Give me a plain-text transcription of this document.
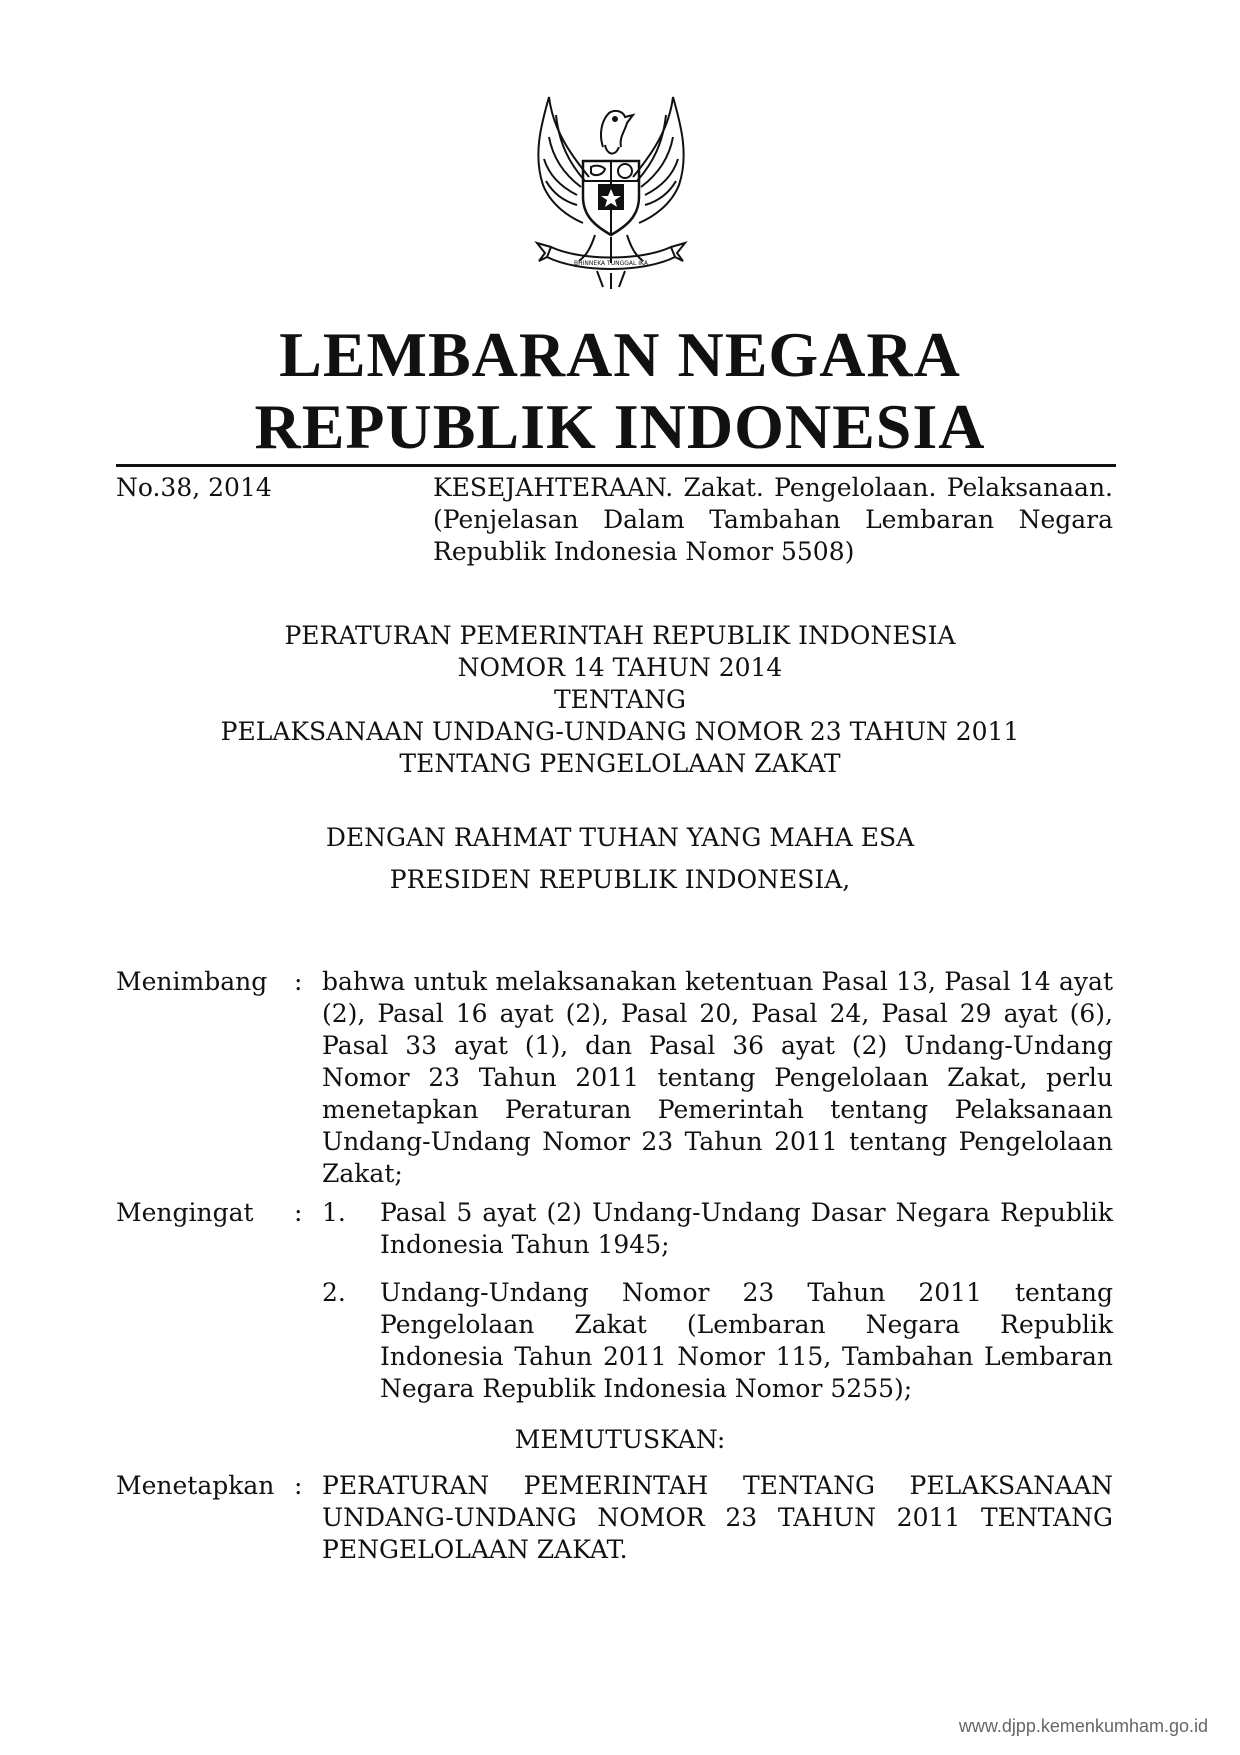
BHINNEKA TUNGGAL IKA
LEMBARAN NEGARA
REPUBLIK INDONESIA
No.38, 2014	KESEJAHTERAAN. Zakat. Pengelolaan. Pelaksanaan. (Penjelasan Dalam Tambahan Lembaran Negara Republik Indonesia Nomor 5508)
PERATURAN PEMERINTAH REPUBLIK INDONESIA
NOMOR 14 TAHUN 2014
TENTANG
PELAKSANAAN UNDANG-UNDANG NOMOR 23 TAHUN 2011
TENTANG PENGELOLAAN ZAKAT
DENGAN RAHMAT TUHAN YANG MAHA ESA
PRESIDEN REPUBLIK INDONESIA,
Menimbang	: bahwa untuk melaksanakan ketentuan Pasal 13, Pasal 14 ayat (2), Pasal 16 ayat (2), Pasal 20, Pasal 24, Pasal 29 ayat (6), Pasal 33 ayat (1), dan Pasal 36 ayat (2) Undang-Undang Nomor 23 Tahun 2011 tentang Pengelolaan Zakat, perlu menetapkan Peraturan Pemerintah tentang Pelaksanaan Undang-Undang Nomor 23 Tahun 2011 tentang Pengelolaan Zakat;
Mengingat	: 1. Pasal 5 ayat (2) Undang-Undang Dasar Negara Republik Indonesia Tahun 1945;
2. Undang-Undang Nomor 23 Tahun 2011 tentang Pengelolaan Zakat (Lembaran Negara Republik Indonesia Tahun 2011 Nomor 115, Tambahan Lembaran Negara Republik Indonesia Nomor 5255);
MEMUTUSKAN:
Menetapkan : PERATURAN PEMERINTAH TENTANG PELAKSANAAN UNDANG-UNDANG NOMOR 23 TAHUN 2011 TENTANG PENGELOLAAN ZAKAT.
www.djpp.kemenkumham.go.id
